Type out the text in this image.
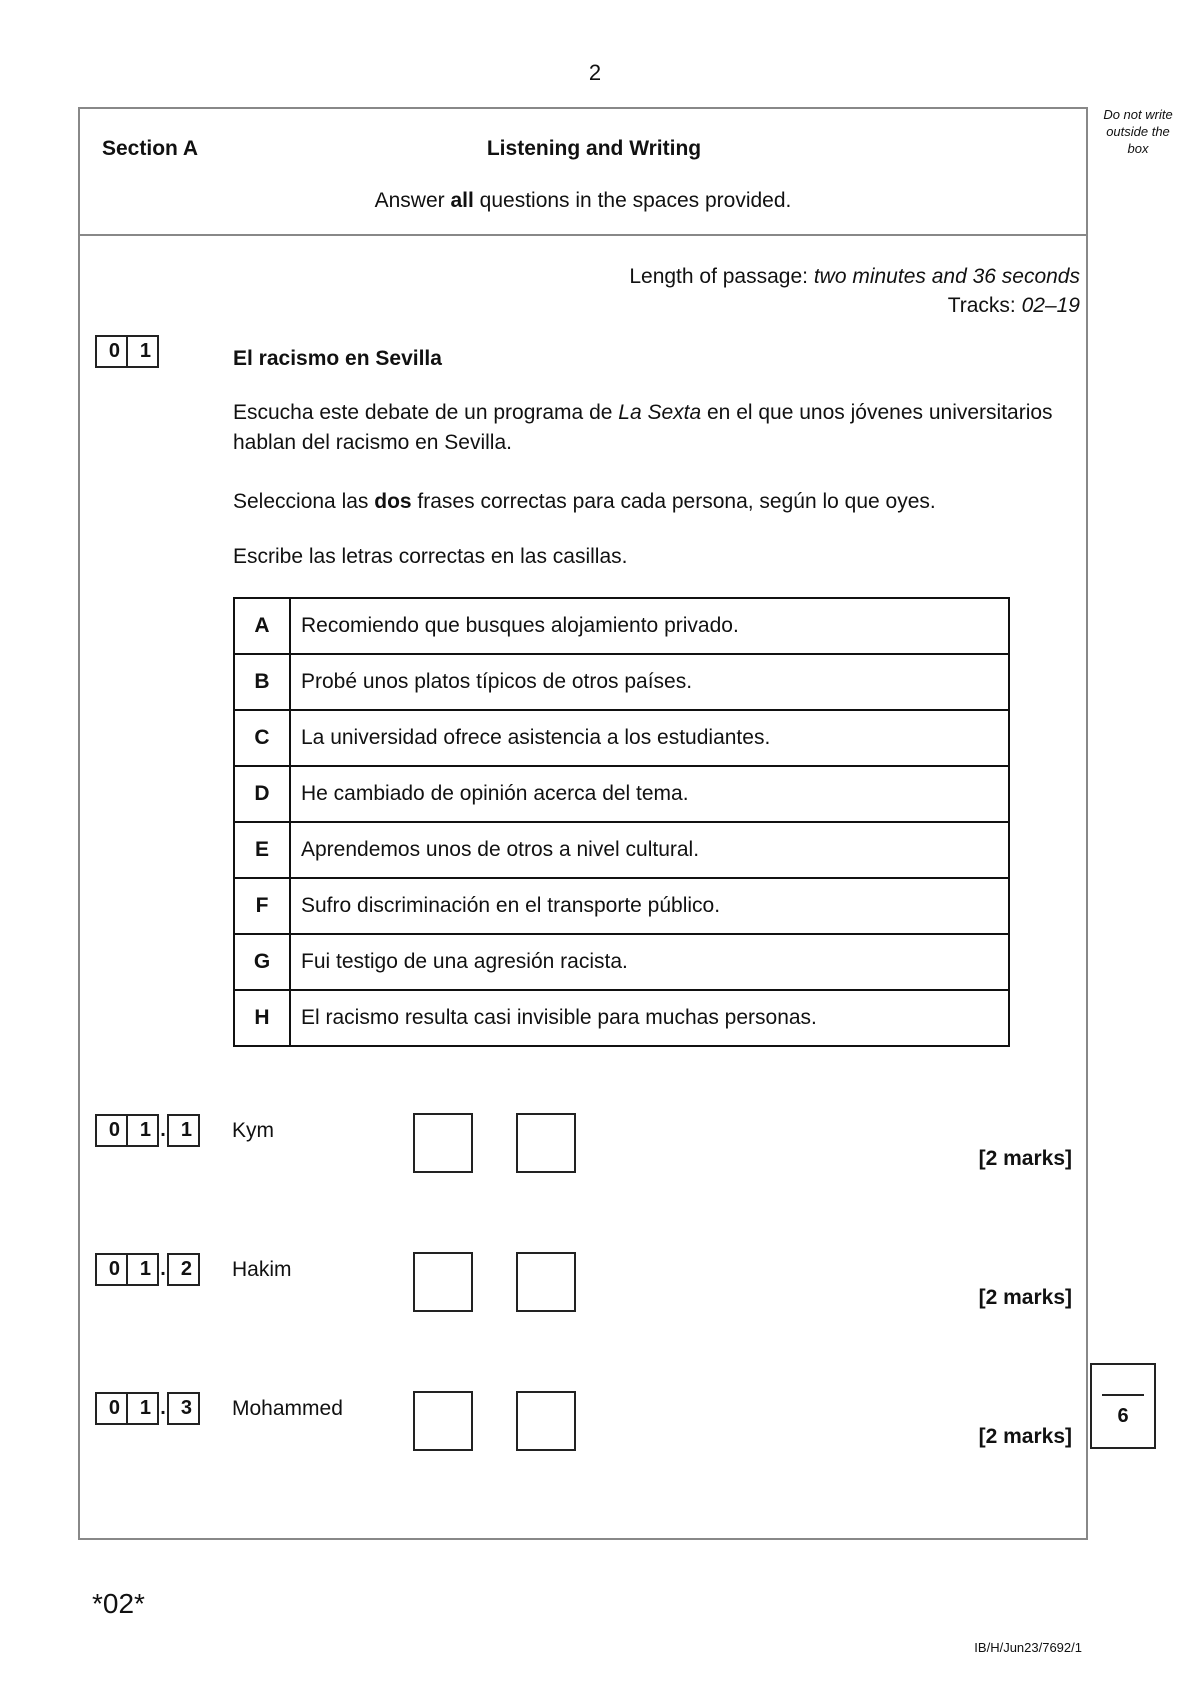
2
Do not write
outside the
box
Section A	Listening and Writing
Answer all questions in the spaces provided.
Length of passage: two minutes and 36 seconds
Tracks: 02–19
0 1	El racismo en Sevilla
Escucha este debate de un programa de La Sexta en el que unos jóvenes universitarios hablan del racismo en Sevilla.
Selecciona las dos frases correctas para cada persona, según lo que oyes.
Escribe las letras correctas en las casillas.
A	Recomiendo que busques alojamiento privado.
B	Probé unos platos típicos de otros países.
C	La universidad ofrece asistencia a los estudiantes.
D	He cambiado de opinión acerca del tema.
E	Aprendemos unos de otros a nivel cultural.
F	Sufro discriminación en el transporte público.
G	Fui testigo de una agresión racista.
H	El racismo resulta casi invisible para muchas personas.
0 1 . 1	Kym
[2 marks]
0 1 . 2	Hakim
[2 marks]
0 1 . 3	Mohammed
[2 marks]
6
*02*
IB/H/Jun23/7692/1
